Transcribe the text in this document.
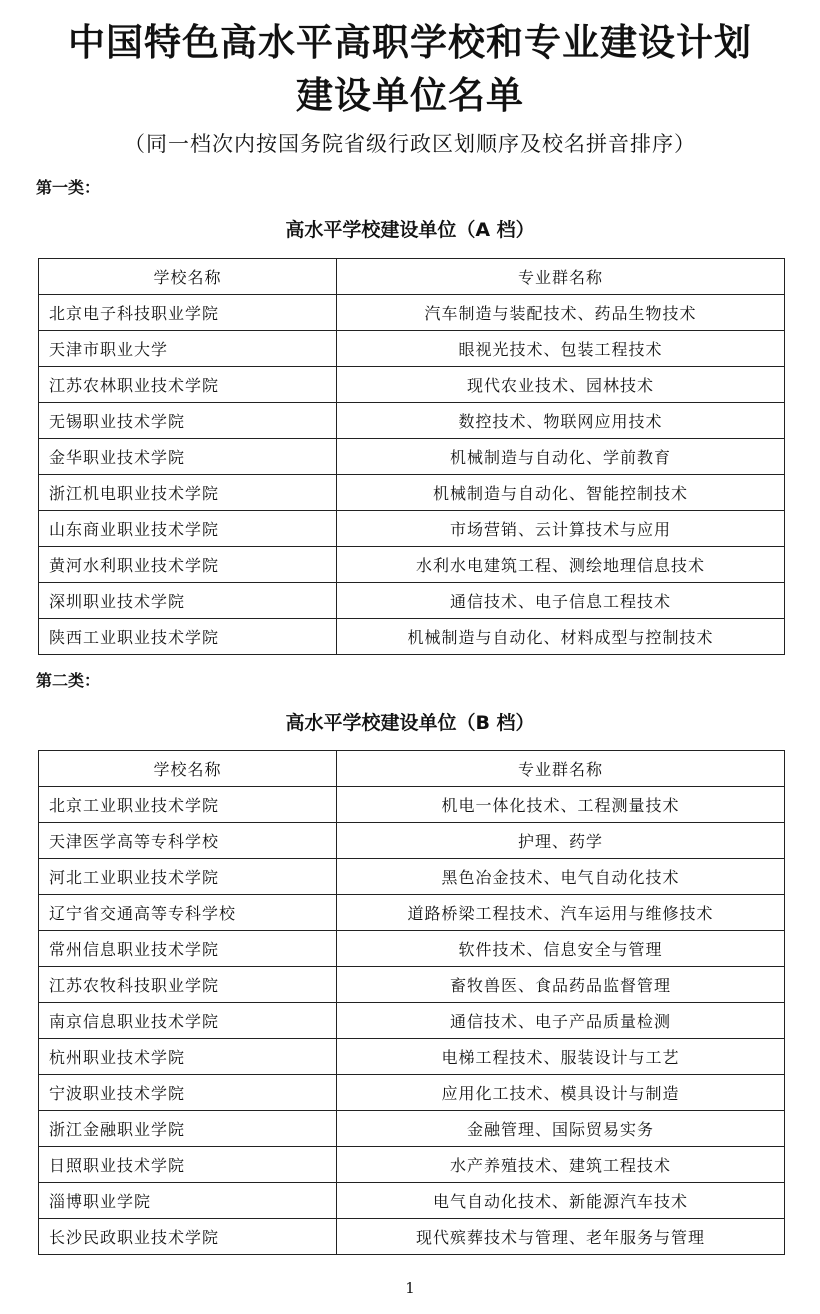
中国特色高水平高职学校和专业建设计划
建设单位名单
（同一档次内按国务院省级行政区划顺序及校名拼音排序）
第一类：
高水平学校建设单位（A 档）
学校名称	专业群名称
北京电子科技职业学院	汽车制造与装配技术、药品生物技术
天津市职业大学	眼视光技术、包装工程技术
江苏农林职业技术学院	现代农业技术、园林技术
无锡职业技术学院	数控技术、物联网应用技术
金华职业技术学院	机械制造与自动化、学前教育
浙江机电职业技术学院	机械制造与自动化、智能控制技术
山东商业职业技术学院	市场营销、云计算技术与应用
黄河水利职业技术学院	水利水电建筑工程、测绘地理信息技术
深圳职业技术学院	通信技术、电子信息工程技术
陕西工业职业技术学院	机械制造与自动化、材料成型与控制技术
第二类：
高水平学校建设单位（B 档）
学校名称	专业群名称
北京工业职业技术学院	机电一体化技术、工程测量技术
天津医学高等专科学校	护理、药学
河北工业职业技术学院	黑色冶金技术、电气自动化技术
辽宁省交通高等专科学校	道路桥梁工程技术、汽车运用与维修技术
常州信息职业技术学院	软件技术、信息安全与管理
江苏农牧科技职业学院	畜牧兽医、食品药品监督管理
南京信息职业技术学院	通信技术、电子产品质量检测
杭州职业技术学院	电梯工程技术、服装设计与工艺
宁波职业技术学院	应用化工技术、模具设计与制造
浙江金融职业学院	金融管理、国际贸易实务
日照职业技术学院	水产养殖技术、建筑工程技术
淄博职业学院	电气自动化技术、新能源汽车技术
长沙民政职业技术学院	现代殡葬技术与管理、老年服务与管理
1
